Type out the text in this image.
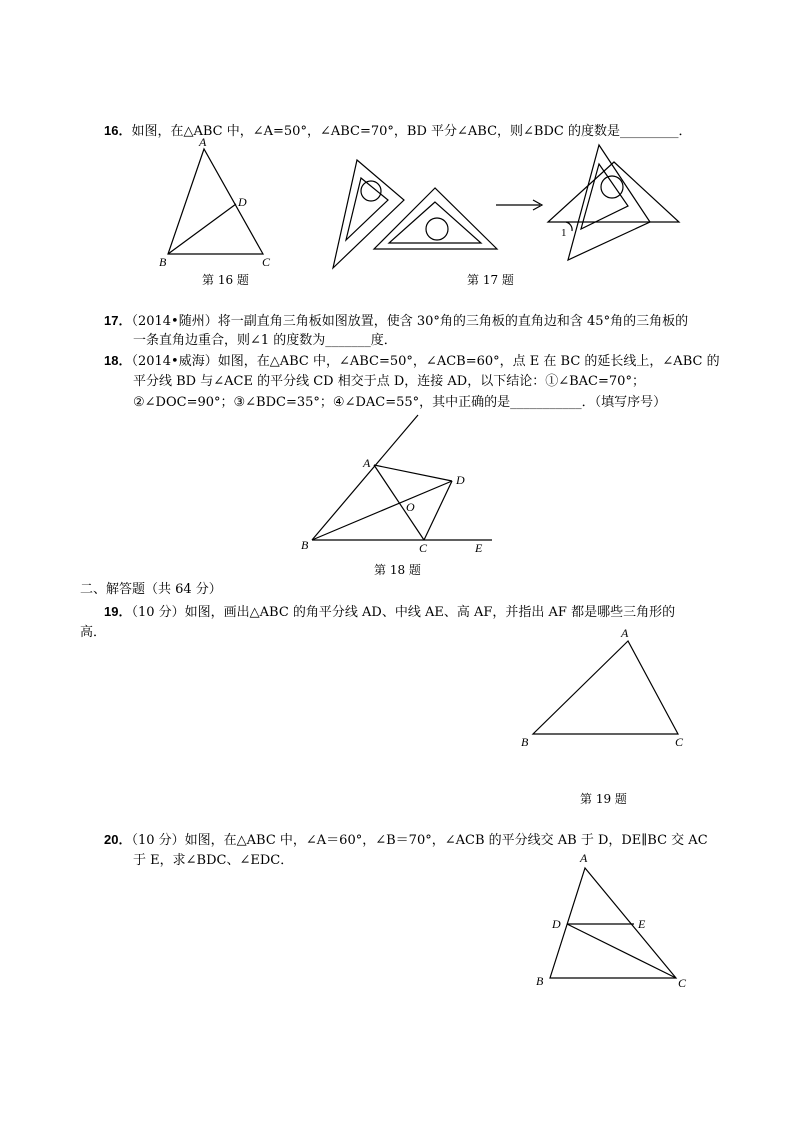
16．如图，在△ABC 中，∠A=50°，∠ABC=70°，BD 平分∠ABC，则∠BDC 的度数是_________．
A
B	C
D
1
A
D
O
B	C	E
A
B	C
A
D	E
B	C
第 16 题	第 17 题
17．（2014•随州）将一副直角三角板如图放置，使含 30°角的三角板的直角边和含 45°角的三角板的
一条直角边重合，则∠1 的度数为_______度．
18．（2014•威海）如图，在△ABC 中，∠ABC=50°，∠ACB=60°，点 E 在 BC 的延长线上，∠ABC 的
平分线 BD 与∠ACE 的平分线 CD 相交于点 D，连接 AD，以下结论：①∠BAC=70°；
②∠DOC=90°；③∠BDC=35°；④∠DAC=55°，其中正确的是___________．（填写序号）
第 18 题
二、解答题（共 64 分）
19．（10 分）如图，画出△ABC 的角平分线 AD、中线 AE、高 AF，并指出 AF 都是哪些三角形的
高．
第 19 题
20．（10 分）如图，在△ABC 中，∠A＝60°，∠B＝70°，∠ACB 的平分线交 AB 于 D，DE∥BC 交 AC
于 E，求∠BDC、∠EDC．
